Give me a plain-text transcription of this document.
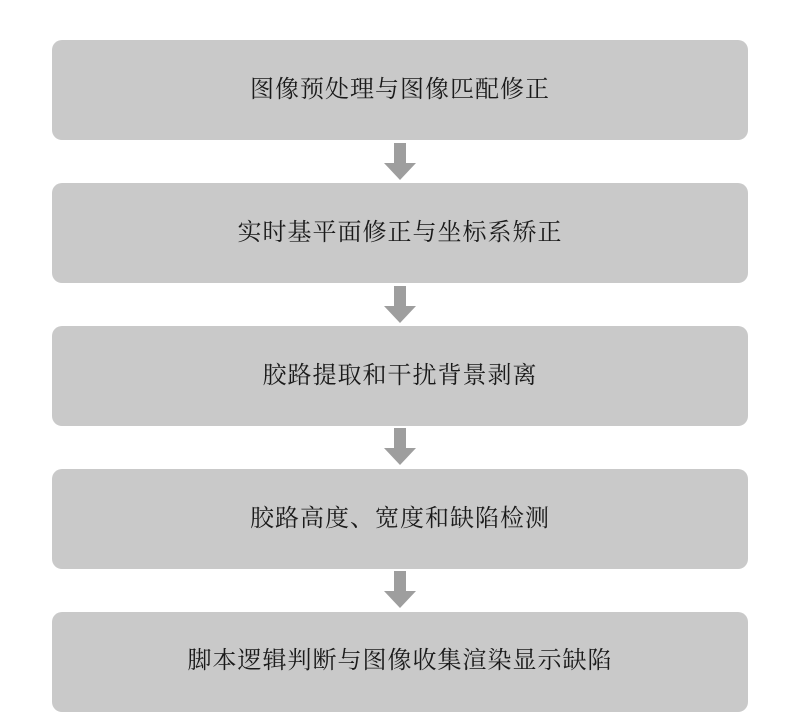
图像预处理与图像匹配修正
实时基平面修正与坐标系矫正
胶路提取和干扰背景剥离
胶路高度、宽度和缺陷检测
脚本逻辑判断与图像收集渲染显示缺陷
